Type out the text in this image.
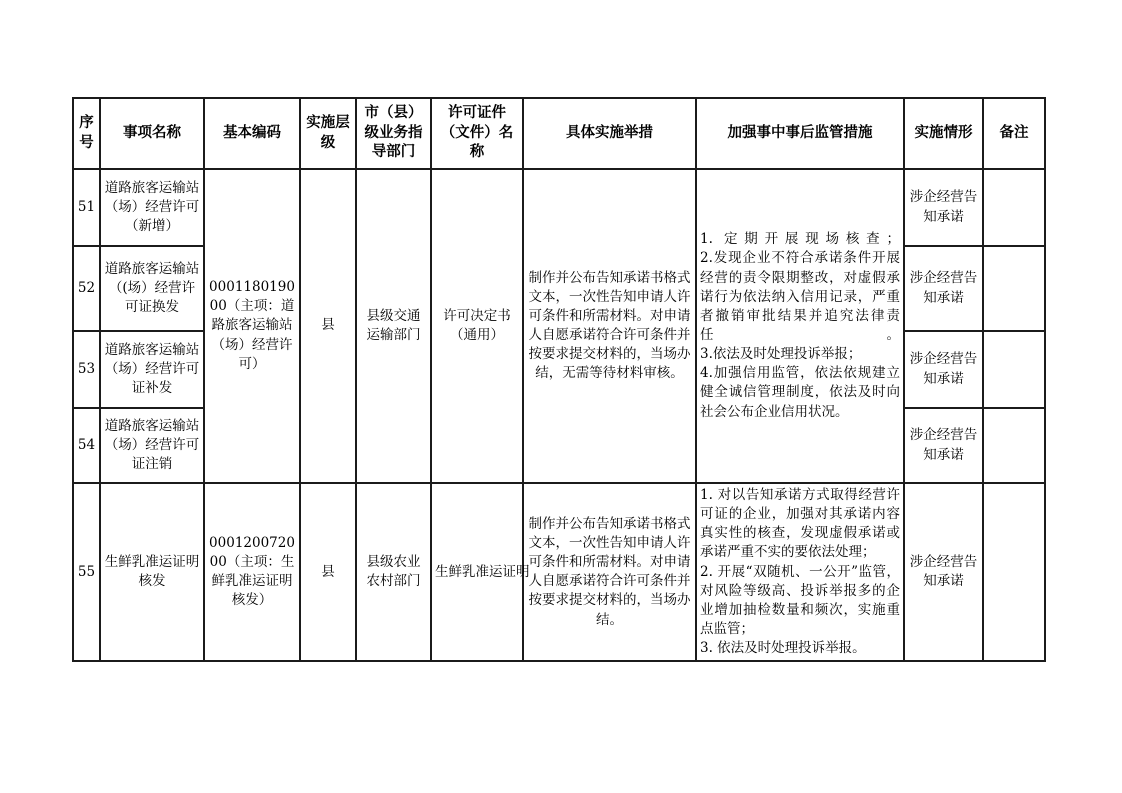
序号	事项名称	基本编码	实施层级	市（县）级业务指导部门	许可证件（文件）名称	具体实施举措	加强事中事后监管措施	实施情形	备注
51	道路旅客运输站（场）经营许可（新增）	000118019000（主项：道路旅客运输站（场）经营许可）	县	县级交通运输部门	许可决定书（通用）	制作并公布告知承诺书格式文本，一次性告知申请人许可条件和所需材料。对申请人自愿承诺符合许可条件并按要求提交材料的，当场办结，无需等待材料审核。	1. 定期开展现场核查；
2.发现企业不符合承诺条件开展经营的责令限期整改，对虚假承诺行为依法纳入信用记录，严重者撤销审批结果并追究法律责任。
3.依法及时处理投诉举报；
4.加强信用监管，依法依规建立健全诚信管理制度，依法及时向社会公布企业信用状况。	涉企经营告知承诺	
52	道路旅客运输站（(场）经营许可证换发							涉企经营告知承诺	
53	道路旅客运输站（场）经营许可证补发							涉企经营告知承诺	
54	道路旅客运输站（场）经营许可证注销							涉企经营告知承诺	
55	生鲜乳准运证明核发	000120072000（主项：生鲜乳准运证明核发）	县	县级农业农村部门	生鲜乳准运证明	制作并公布告知承诺书格式文本，一次性告知申请人许可条件和所需材料。对申请人自愿承诺符合许可条件并按要求提交材料的，当场办结。	1. 对以告知承诺方式取得经营许可证的企业，加强对其承诺内容真实性的核查，发现虚假承诺或承诺严重不实的要依法处理；
2. 开展“双随机、一公开”监管，对风险等级高、投诉举报多的企业增加抽检数量和频次，实施重点监管；
3. 依法及时处理投诉举报。	涉企经营告知承诺	
